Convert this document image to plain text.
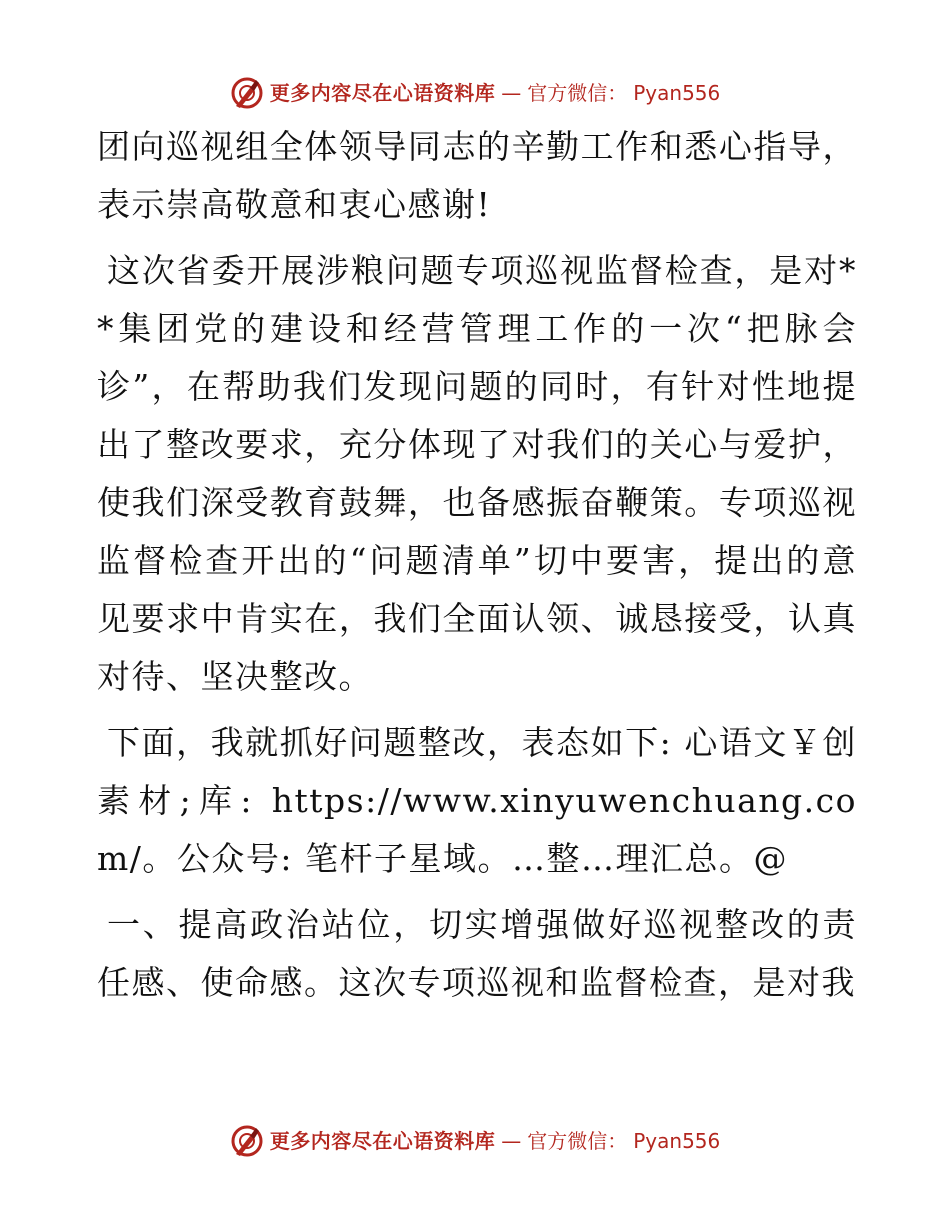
更多内容尽在心语资料库 — 官方微信： Pyan556

团向巡视组全体领导同志的辛勤工作和悉心指导，表示崇高敬意和衷心感谢!

这次省委开展涉粮问题专项巡视监督检查，是对**集团党的建设和经营管理工作的一次“把脉会诊”，在帮助我们发现问题的同时，有针对性地提出了整改要求，充分体现了对我们的关心与爱护，使我们深受教育鼓舞，也备感振奋鞭策。专项巡视监督检查开出的“问题清单”切中要害，提出的意见要求中肯实在，我们全面认领、诚恳接受，认真对待、坚决整改。

下面，我就抓好问题整改，表态如下: 心语文￥创素材;库: https://www.xinyuwenchuang.com/。公众号: 笔杆子星域。…整…理汇总。@

一、提高政治站位，切实增强做好巡视整改的责任感、使命感。这次专项巡视和监督检查，是对我

更多内容尽在心语资料库 — 官方微信： Pyan556
